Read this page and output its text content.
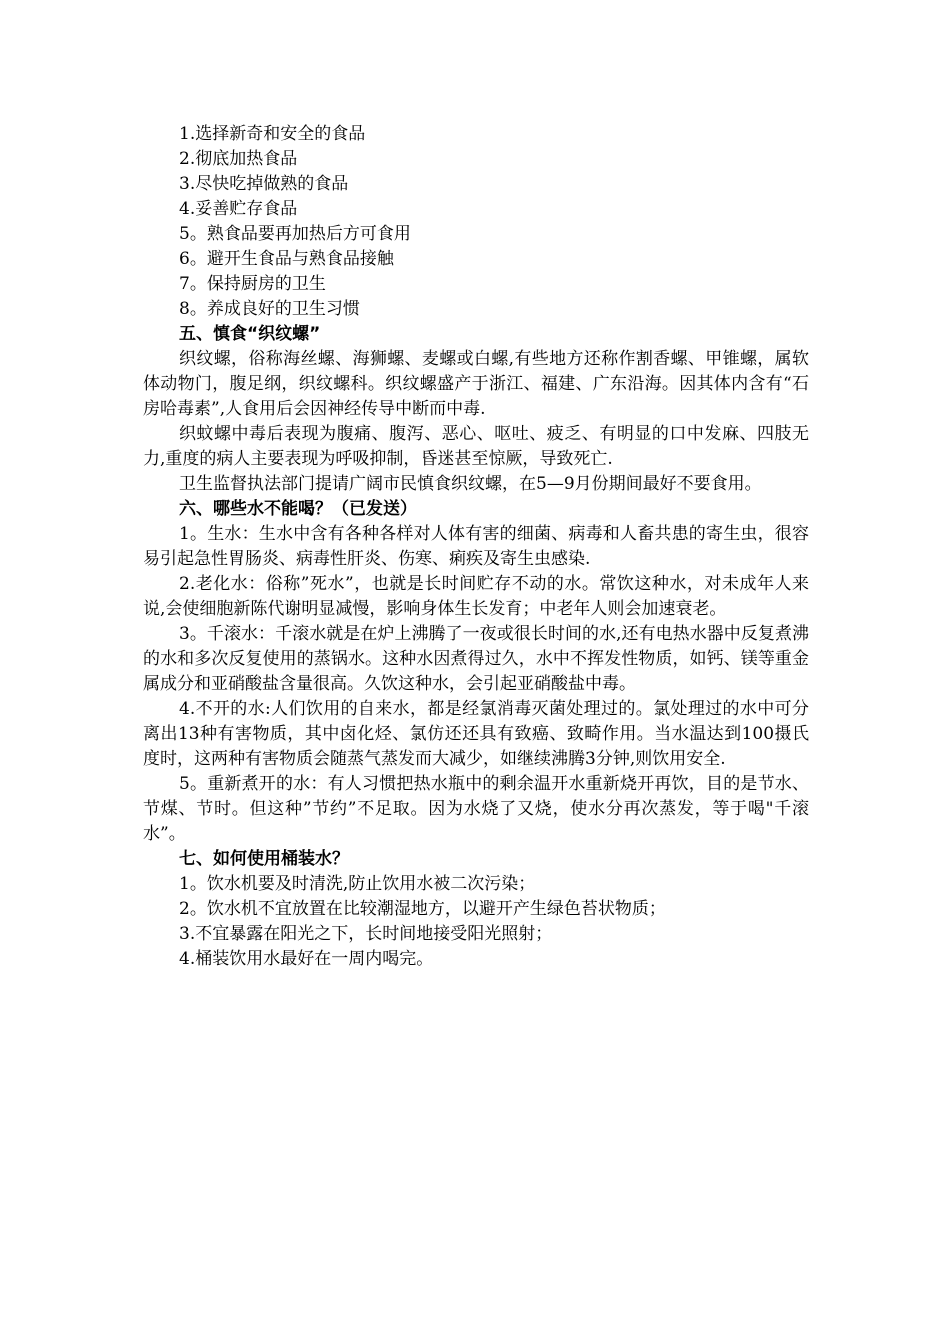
1.选择新奇和安全的食品

2.彻底加热食品

3.尽快吃掉做熟的食品

4.妥善贮存食品

5。熟食品要再加热后方可食用

6。避开生食品与熟食品接触

7。保持厨房的卫生

8。养成良好的卫生习惯

五、慎食“织纹螺”

织纹螺，俗称海丝螺、海狮螺、麦螺或白螺,有些地方还称作割香螺、甲锥螺，属软体动物门，腹足纲，织纹螺科。织纹螺盛产于浙江、福建、广东沿海。因其体内含有“石房哈毒素”,人食用后会因神经传导中断而中毒.

织蚊螺中毒后表现为腹痛、腹泻、恶心、呕吐、疲乏、有明显的口中发麻、四肢无力,重度的病人主要表现为呼吸抑制，昏迷甚至惊厥，导致死亡.

卫生监督执法部门提请广阔市民慎食织纹螺，在5—9月份期间最好不要食用。

六、哪些水不能喝？（已发送）

1。生水：生水中含有各种各样对人体有害的细菌、病毒和人畜共患的寄生虫，很容易引起急性胃肠炎、病毒性肝炎、伤寒、痢疾及寄生虫感染.

2.老化水：俗称”死水”，也就是长时间贮存不动的水。常饮这种水，对未成年人来说,会使细胞新陈代谢明显减慢，影响身体生长发育；中老年人则会加速衰老。

3。千滚水：千滚水就是在炉上沸腾了一夜或很长时间的水,还有电热水器中反复煮沸的水和多次反复使用的蒸锅水。这种水因煮得过久，水中不挥发性物质，如钙、镁等重金属成分和亚硝酸盐含量很高。久饮这种水，会引起亚硝酸盐中毒。

4.不开的水:人们饮用的自来水，都是经氯消毒灭菌处理过的。氯处理过的水中可分离出13种有害物质，其中卤化烃、氯仿还还具有致癌、致畸作用。当水温达到100摄氏度时，这两种有害物质会随蒸气蒸发而大减少，如继续沸腾3分钟,则饮用安全.

5。重新煮开的水：有人习惯把热水瓶中的剩余温开水重新烧开再饮，目的是节水、节煤、节时。但这种”节约”不足取。因为水烧了又烧，使水分再次蒸发，等于喝"千滚水”。

七、如何使用桶装水？

1。饮水机要及时清洗,防止饮用水被二次污染；

2。饮水机不宜放置在比较潮湿地方，以避开产生绿色苔状物质；

3.不宜暴露在阳光之下，长时间地接受阳光照射；

4.桶装饮用水最好在一周内喝完。
